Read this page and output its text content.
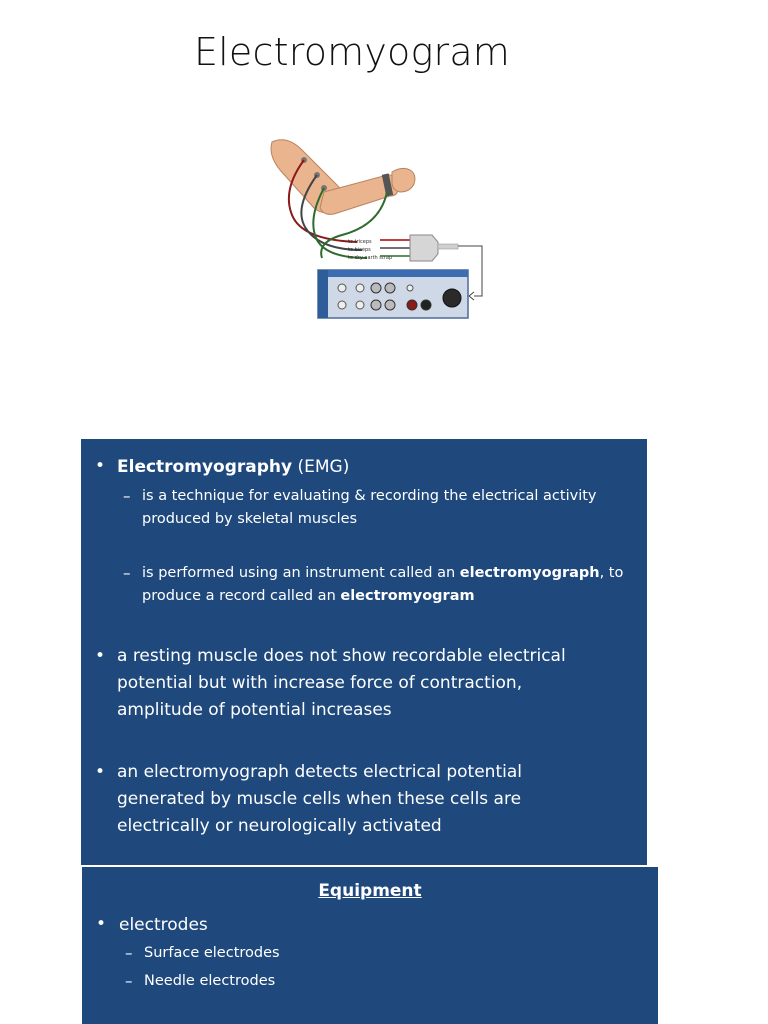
Electromyogram
to triceps
to biceps
to dry earth strap
• Electromyography (EMG)
– is a technique for evaluating & recording the electrical activity produced by skeletal muscles
– is performed using an instrument called an electromyograph, to produce a record called an electromyogram
• a resting muscle does not show recordable electrical potential but with increase force of contraction, amplitude of potential increases
• an electromyograph detects electrical potential generated by muscle cells when these cells are electrically or neurologically activated
Equipment
• electrodes
– Surface electrodes
– Needle electrodes
